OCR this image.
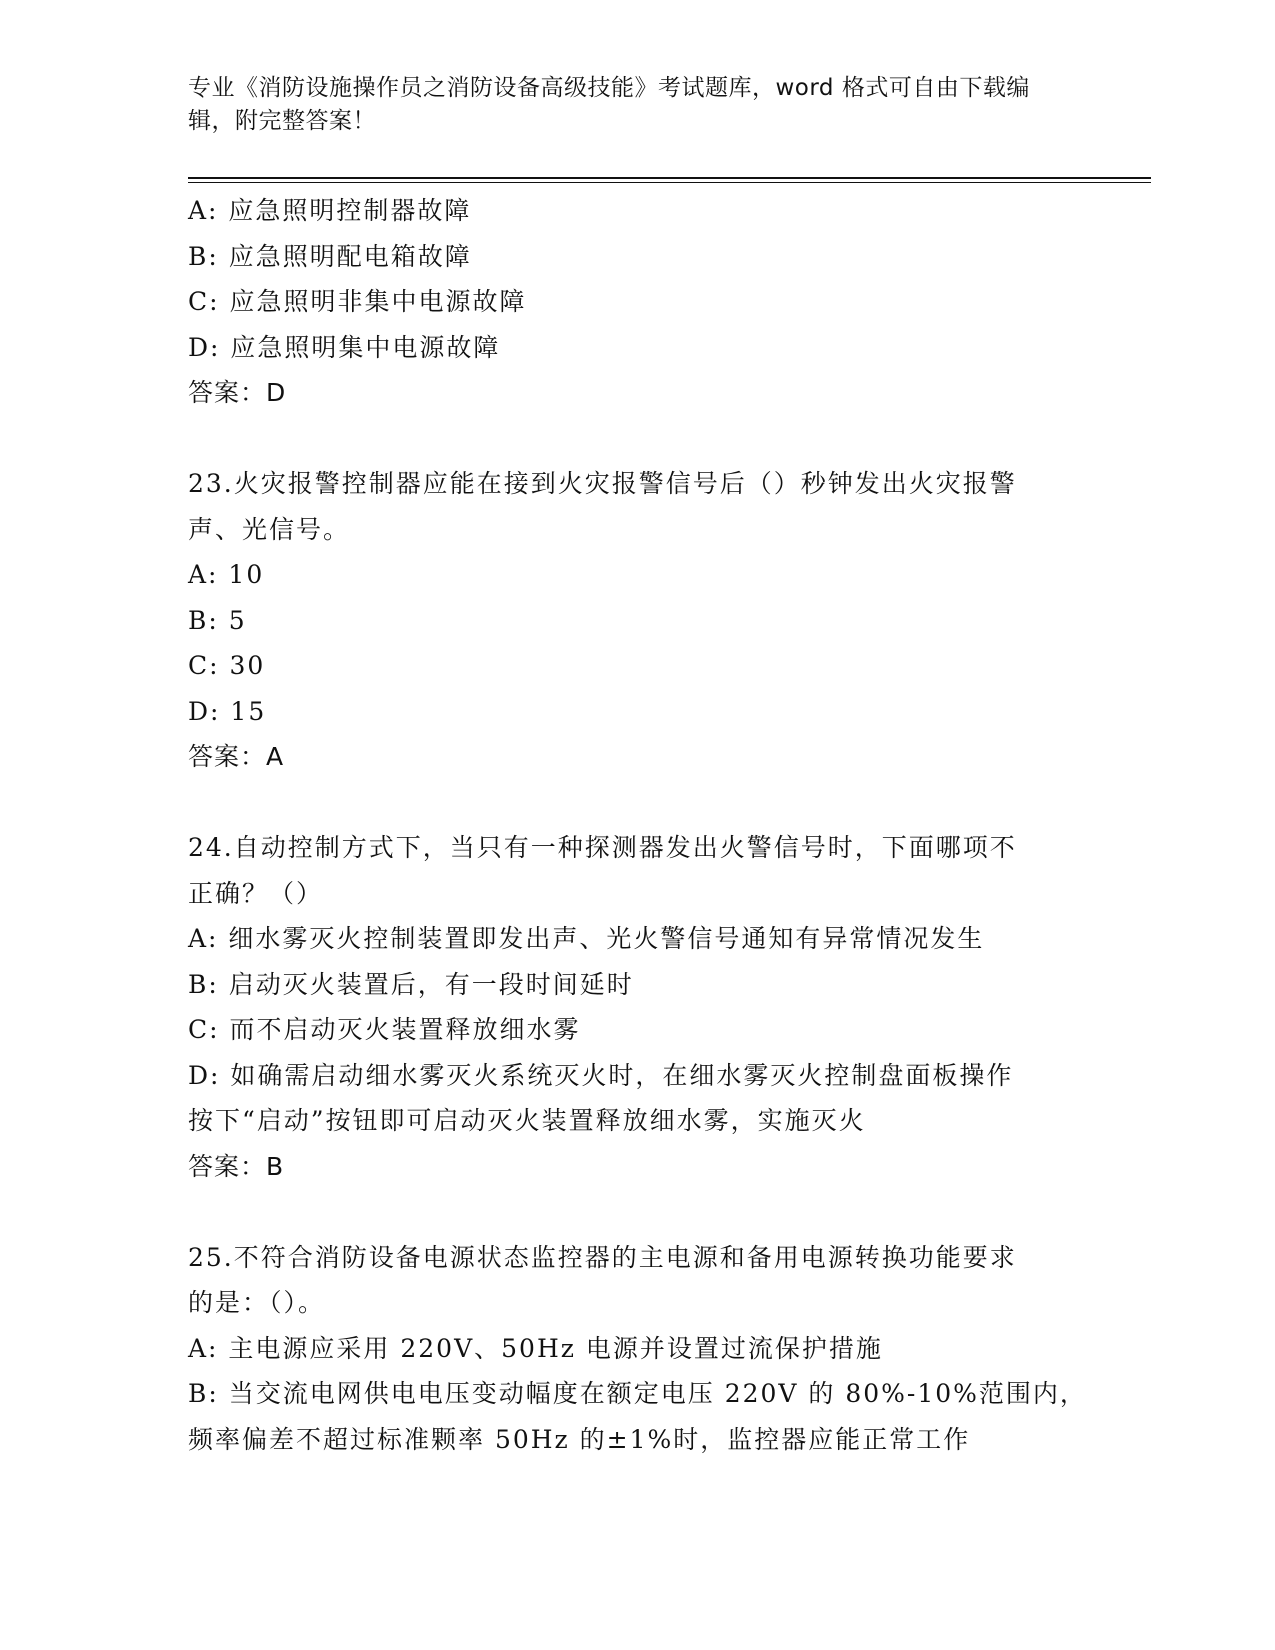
专业《消防设施操作员之消防设备高级技能》考试题库，word 格式可自由下载编
辑，附完整答案！
A: 应急照明控制器故障
B: 应急照明配电箱故障
C: 应急照明非集中电源故障
D: 应急照明集中电源故障
答案：D
23.火灾报警控制器应能在接到火灾报警信号后（）秒钟发出火灾报警
声、光信号。
A: 10
B: 5
C: 30
D: 15
答案：A
24.自动控制方式下，当只有一种探测器发出火警信号时，下面哪项不
正确？（）
A: 细水雾灭火控制装置即发出声、光火警信号通知有异常情况发生
B: 启动灭火装置后，有一段时间延时
C: 而不启动灭火装置释放细水雾
D: 如确需启动细水雾灭火系统灭火时，在细水雾灭火控制盘面板操作
按下“启动”按钮即可启动灭火装置释放细水雾，实施灭火
答案：B
25.不符合消防设备电源状态监控器的主电源和备用电源转换功能要求
的是：（）。
A: 主电源应采用 220V、50Hz 电源并设置过流保护措施
B: 当交流电网供电电压变动幅度在额定电压 220V 的 80%-10%范围内，
频率偏差不超过标准颗率 50Hz 的±1%时，监控器应能正常工作
